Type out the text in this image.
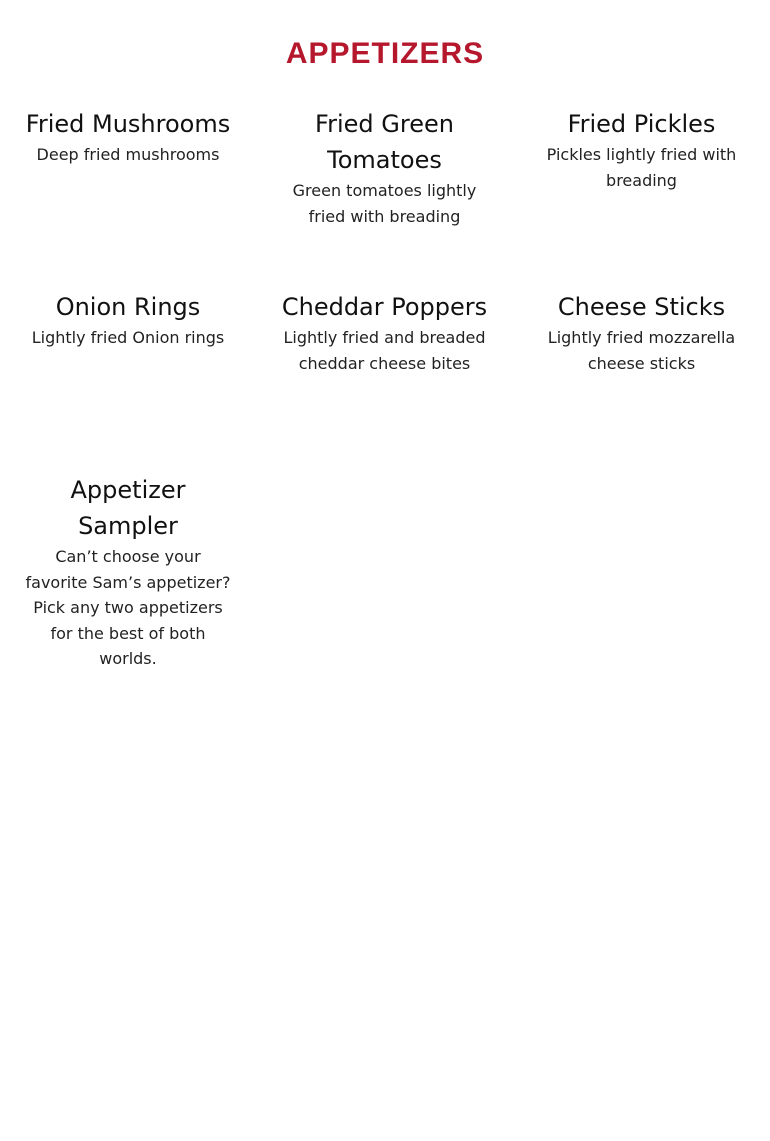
APPETIZERS
Fried Mushrooms

Deep fried mushrooms

Fried Green Tomatoes

Green tomatoes lightly fried with breading

Fried Pickles

Pickles lightly fried with breading

Onion Rings

Lightly fried Onion rings

Cheddar Poppers

Lightly fried and breaded cheddar cheese bites

Cheese Sticks

Lightly fried mozzarella cheese sticks

Appetizer Sampler

Can’t choose your favorite Sam’s appetizer? Pick any two appetizers for the best of both worlds.
